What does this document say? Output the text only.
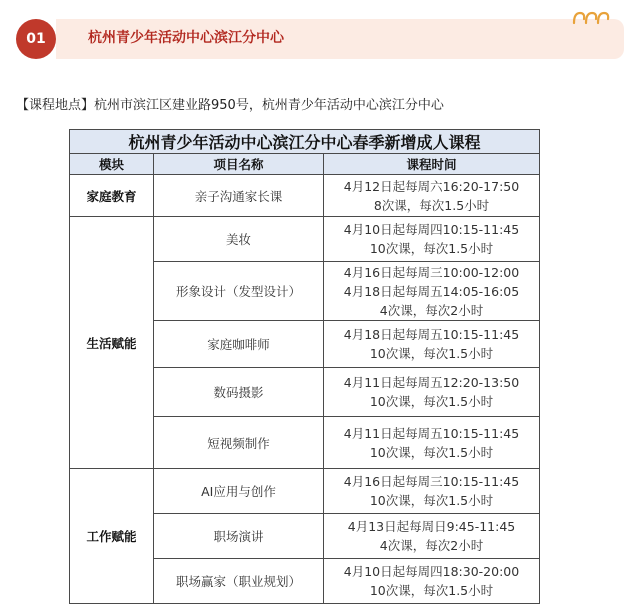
01	杭州青少年活动中心滨江分中心
【课程地点】杭州市滨江区建业路950号，杭州青少年活动中心滨江分中心
杭州青少年活动中心滨江分中心春季新增成人课程		
模块	项目名称	课程时间
家庭教育	亲子沟通家长课	4月12日起每周六16:20-17:50
8次课，每次1.5小时
生活赋能	美妆	4月10日起每周四10:15-11:45
10次课，每次1.5小时
	形象设计（发型设计）	4月16日起每周三10:00-12:00
4月18日起每周五14:05-16:05
4次课，每次2小时
	家庭咖啡师	4月18日起每周五10:15-11:45
10次课，每次1.5小时
	数码摄影	4月11日起每周五12:20-13:50
10次课，每次1.5小时
	短视频制作	4月11日起每周五10:15-11:45
10次课，每次1.5小时
工作赋能	AI应用与创作	4月16日起每周三10:15-11:45
10次课，每次1.5小时
	职场演讲	4月13日起每周日9:45-11:45
4次课，每次2小时
	职场赢家（职业规划）	4月10日起每周四18:30-20:00
10次课，每次1.5小时
